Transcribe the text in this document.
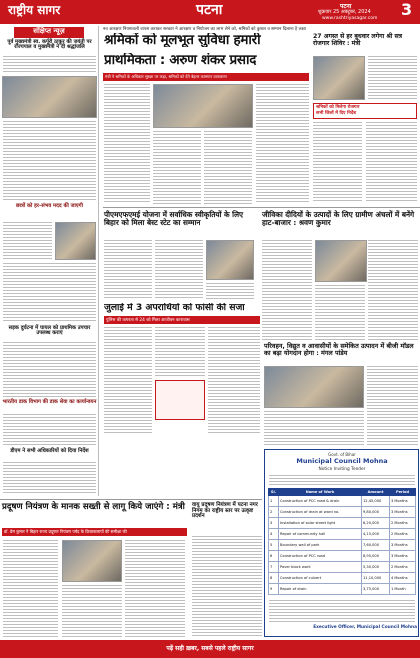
राष्ट्रीय सागर	पटना	पटना
शुक्रवार 25 अक्टूबर, 2024
www.rashtriyasagar.com 3
संक्षिप्त न्यूज़
पूर्व मुख्यमंत्री स्व. कर्पूरी ठाकुर की जयंती पर राज्यपाल व मुख्यमंत्री ने दी श्रद्धांजलि
छात्रों को हर-संभव मदद की जाएगी
सड़क दुर्घटना में घायल को प्राथमिक उपचार उपलब्ध कराएं
भारतीय डाक विभाग की डाक सेवा का कार्यान्वयन
डीएम ने सभी अधिकारियों को दिया निर्देश
नव आरक्षण नियमावली वापस कराकर सरकार ने आरक्षण व नियोजन का लाभ लेने को, श्रमिकों को कुशल व सम्मान दिलाना है लक्ष्य
श्रमिकों को मूलभूत सुविधा हमारी
प्राथमिकता : अरुण शंकर प्रसाद
मंत्री ने श्रमिकों के अधिकार सुरक्षा पर कहा, श्रमिकों को देंगे बेहतर कामगार वातावरण
27 अगस्त से हर बुधवार लगेगा श्री सत्र रोजगार शिविर : मंत्री
श्रमिकों को मिलेगा रोजगार
सभी जिलों में दिए निर्देश
पीएमएफएमई योजना में सर्वाधिक स्वीकृतियों के लिए बिहार को मिला बेस्ट स्टेट का सम्मान
जीविका दीदियों के उत्पादों के लिए ग्रामीण अंचलों में बनेंगे हाट-बाजार : श्रवण कुमार
जुलाई में 3 अपराधियों को फांसी की सजा
पुलिस की तत्परता से 24 को मिला आजीवन कारावास
परिवहन, विद्युत व आवासीयों के समेकित उत्पादन में बीजी मॉडल का बढ़ा योगदान होगा : मंगल पांडेय
Govt. of Bihar
Municipal Council Mohna
Notice Inviting Tender
Sl.	Name of Work	Amount	Period
1	Construction of PCC road & drain	12,45,000	3 Months
2	Construction of drain at ward no.	9,80,000	3 Months
3	Installation of solar street light	6,20,000	2 Months
4	Repair of community hall	4,15,000	2 Months
5	Boundary wall of park	7,60,000	3 Months
6	Construction of PCC road	8,95,000	3 Months
7	Paver block work	5,30,000	2 Months
8	Construction of culvert	11,10,000	4 Months
9	Repair of drain	3,75,000	1 Month
Executive Officer, Municipal Council Mohna
प्रदूषण नियंत्रण के मानक सख्ती से लागू किये जाएंगे : मंत्री
डॉ. प्रेम कुमार ने बिहार राज्य प्रदूषण नियंत्रण पर्षद के क्रियाकलापों की समीक्षा की
वायु प्रदूषण नियंत्रण में पटना नगर निगम का राष्ट्रीय स्तर पर उत्कृष्ट प्रदर्शन
पढ़ें सही ख़बर, सबसे पहले राष्ट्रीय सागर
